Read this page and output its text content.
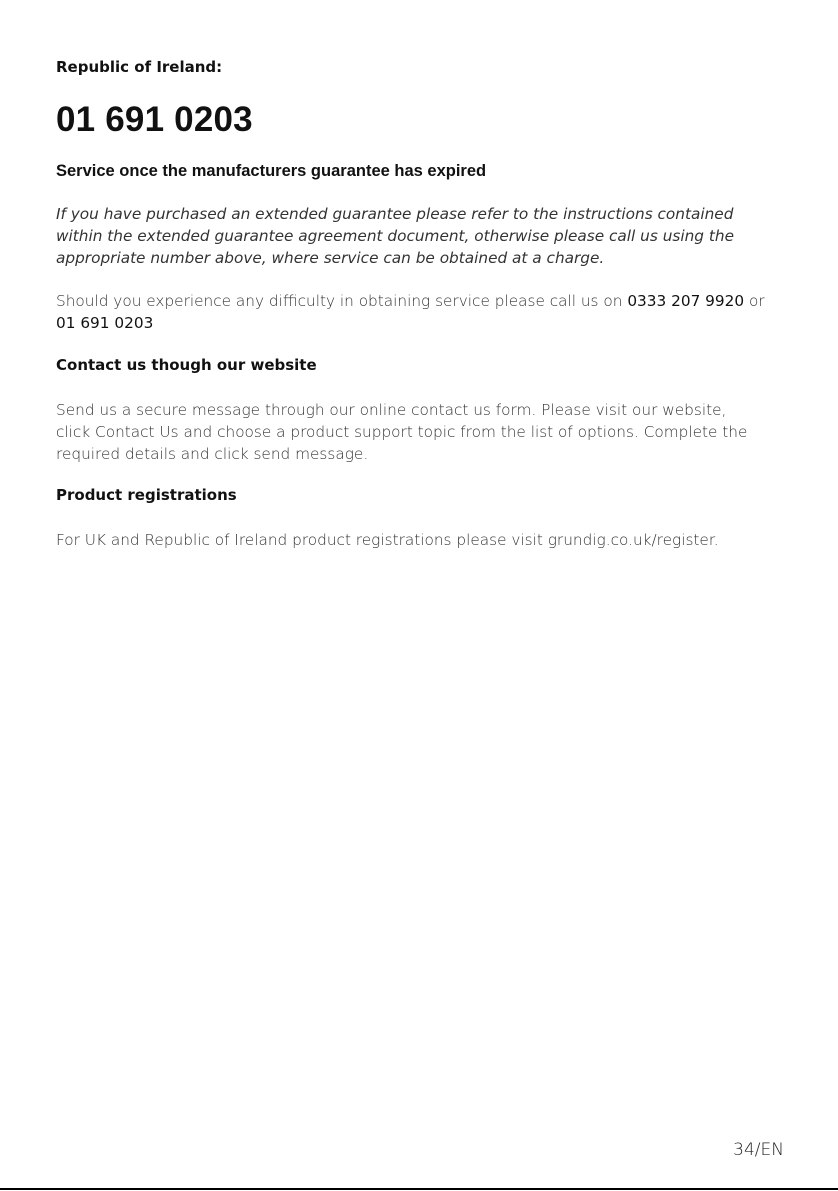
Republic of Ireland:
01 691 0203
Service once the manufacturers guarantee has expired
If you have purchased an extended guarantee please refer to the instructions contained
within the extended guarantee agreement document, otherwise please call us using the
appropriate number above, where service can be obtained at a charge.
Should you experience any difficulty in obtaining service please call us on 0333 207 9920 or
01 691 0203
Contact us though our website
Send us a secure message through our online contact us form. Please visit our website,
click Contact Us and choose a product support topic from the list of options. Complete the
required details and click send message.
Product registrations
For UK and Republic of Ireland product registrations please visit grundig.co.uk/register.
34/EN
